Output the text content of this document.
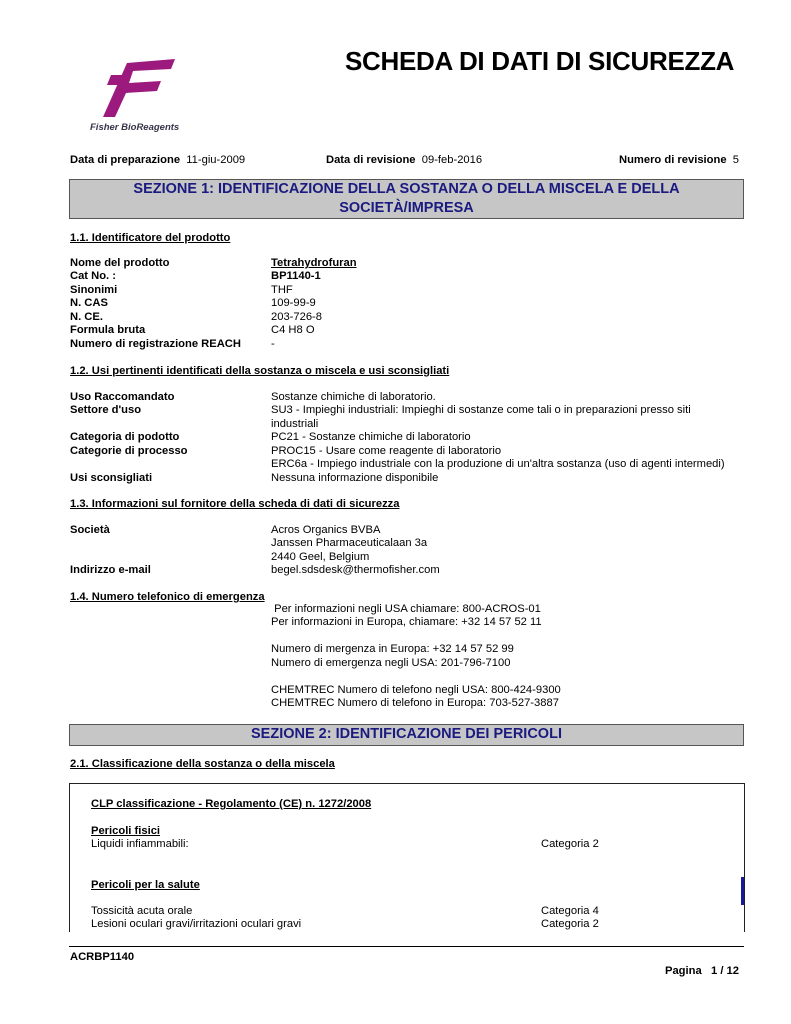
Fisher BioReagents
SCHEDA DI DATI DI SICUREZZA
Data di preparazione 11-giu-2009	Data di revisione 09-feb-2016	Numero di revisione 5
SEZIONE 1: IDENTIFICAZIONE DELLA SOSTANZA O DELLA MISCELA E DELLA
SOCIETÀ/IMPRESA
1.1. Identificatore del prodotto
Nome del prodotto	Tetrahydrofuran
Cat No. :	BP1140-1
Sinonimi	THF
N. CAS	109-99-9
N. CE.	203-726-8
Formula bruta	C4 H8 O
Numero di registrazione REACH	-
1.2. Usi pertinenti identificati della sostanza o miscela e usi sconsigliati
Uso Raccomandato	Sostanze chimiche di laboratorio.
Settore d'uso	SU3 - Impieghi industriali: Impieghi di sostanze come tali o in preparazioni presso siti
industriali
Categoria di podotto	PC21 - Sostanze chimiche di laboratorio
Categorie di processo	PROC15 - Usare come reagente di laboratorio
ERC6a - Impiego industriale con la produzione di un'altra sostanza (uso di agenti intermedi)
Usi sconsigliati	Nessuna informazione disponibile
1.3. Informazioni sul fornitore della scheda di dati di sicurezza
Società	Acros Organics BVBA
Janssen Pharmaceuticalaan 3a
2440 Geel, Belgium
Indirizzo e-mail	begel.sdsdesk@thermofisher.com
1.4. Numero telefonico di emergenza
Per informazioni negli USA chiamare: 800-ACROS-01
Per informazioni in Europa, chiamare: +32 14 57 52 11
Numero di mergenza in Europa: +32 14 57 52 99
Numero di emergenza negli USA: 201-796-7100
CHEMTREC Numero di telefono negli USA: 800-424-9300
CHEMTREC Numero di telefono in Europa: 703-527-3887
SEZIONE 2: IDENTIFICAZIONE DEI PERICOLI
2.1. Classificazione della sostanza o della miscela
CLP classificazione - Regolamento (CE) n. 1272/2008
Pericoli fisici
Liquidi infiammabili:	Categoria 2
Pericoli per la salute
Tossicità acuta orale	Categoria 4
Lesioni oculari gravi/irritazioni oculari gravi	Categoria 2
ACRBP1140
Pagina 1 / 12
